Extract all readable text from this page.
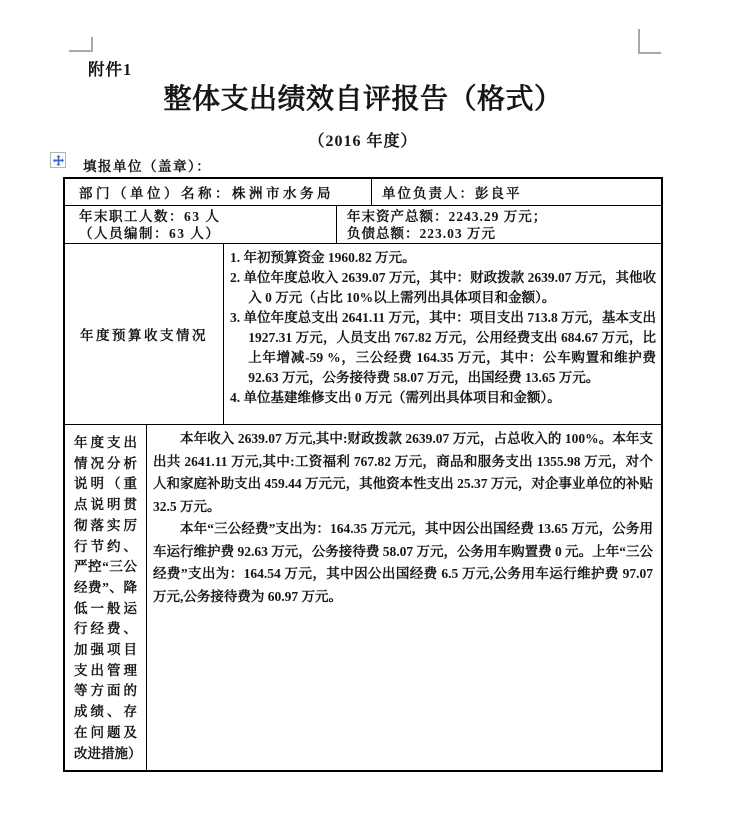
附件1
整体支出绩效自评报告（格式）
（2016 年度）
填报单位（盖章）：
部门（单位）名称：株洲市水务局	单位负责人：彭良平
年末职工人数：63 人
（人员编制：63 人）
年末资产总额：2243.29 万元；
负债总额：223.03 万元
年度预算收支情况
1. 年初预算资金 1960.82 万元。
2. 单位年度总收入 2639.07 万元，其中：财政拨款 2639.07 万元，其他收入 0 万元（占比 10%以上需列出具体项目和金额）。
3. 单位年度总支出 2641.11 万元，其中：项目支出 713.8 万元，基本支出 1927.31 万元，人员支出 767.82 万元，公用经费支出 684.67 万元，比上年增减-59 %，三公经费 164.35 万元，其中：公车购置和维护费 92.63 万元，公务接待费 58.07 万元，出国经费 13.65 万元。
4. 单位基建维修支出 0 万元（需列出具体项目和金额）。
年度支出情况分析说明（重点说明贯彻落实厉行节约、严控“三公经费”、降低一般运行经费、加强项目支出管理等方面的成绩、存在问题及改进措施）

本年收入 2639.07 万元,其中:财政拨款 2639.07 万元，占总收入的 100%。本年支出共 2641.11 万元,其中:工资福利 767.82 万元，商品和服务支出 1355.98 万元，对个人和家庭补助支出 459.44 万元元，其他资本性支出 25.37 万元，对企事业单位的补贴 32.5 万元。

本年“三公经费”支出为：164.35 万元元，其中因公出国经费 13.65 万元，公务用车运行维护费 92.63 万元，公务接待费 58.07 万元，公务用车购置费 0 元。上年“三公经费”支出为：164.54 万元，其中因公出国经费 6.5 万元,公务用车运行维护费 97.07 万元,公务接待费为 60.97 万元。
